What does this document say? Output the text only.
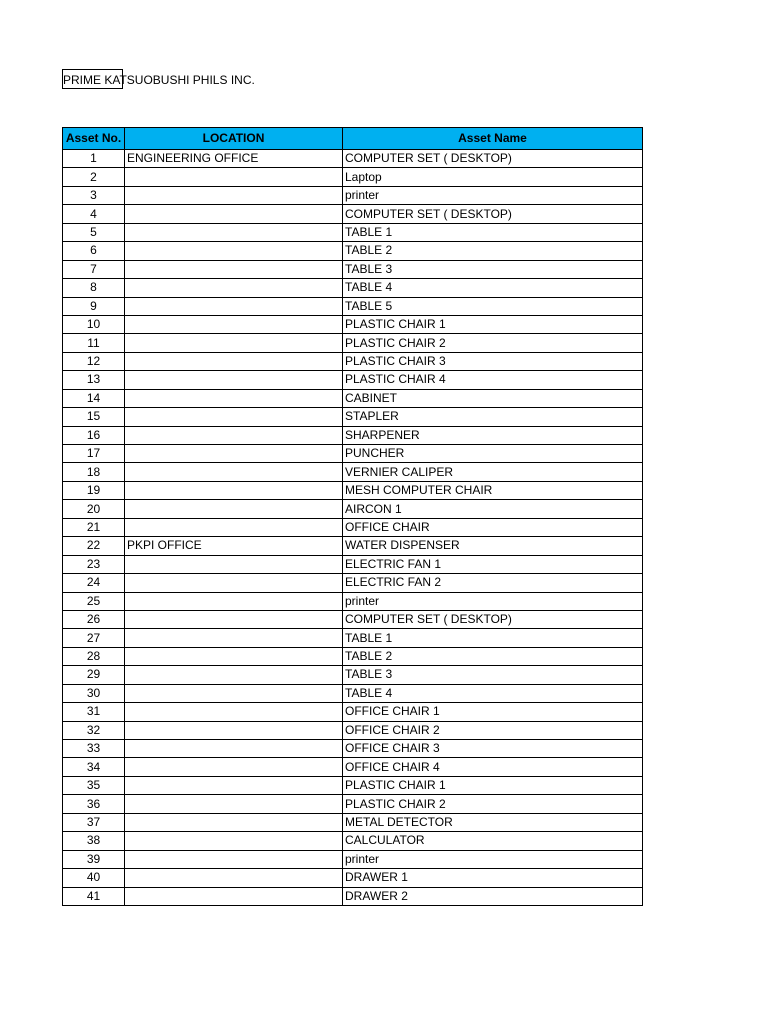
PRIME KATSUOBUSHI PHILS INC.
Asset No.	LOCATION	Asset Name
1	ENGINEERING OFFICE	COMPUTER SET ( DESKTOP)
2		Laptop
3		printer
4		COMPUTER SET ( DESKTOP)
5		TABLE 1
6		TABLE 2
7		TABLE 3
8		TABLE 4
9		TABLE 5
10		PLASTIC CHAIR 1
11		PLASTIC CHAIR 2
12		PLASTIC CHAIR 3
13		PLASTIC CHAIR 4
14		CABINET
15		STAPLER
16		SHARPENER
17		PUNCHER
18		VERNIER CALIPER
19		MESH COMPUTER CHAIR
20		AIRCON 1
21		OFFICE CHAIR
22	PKPI OFFICE	WATER DISPENSER
23		ELECTRIC FAN 1
24		ELECTRIC FAN 2
25		printer
26		COMPUTER SET ( DESKTOP)
27		TABLE 1
28		TABLE 2
29		TABLE 3
30		TABLE 4
31		OFFICE CHAIR 1
32		OFFICE CHAIR 2
33		OFFICE CHAIR 3
34		OFFICE CHAIR 4
35		PLASTIC CHAIR 1
36		PLASTIC CHAIR 2
37		METAL DETECTOR
38		CALCULATOR
39		printer
40		DRAWER 1
41		DRAWER 2
